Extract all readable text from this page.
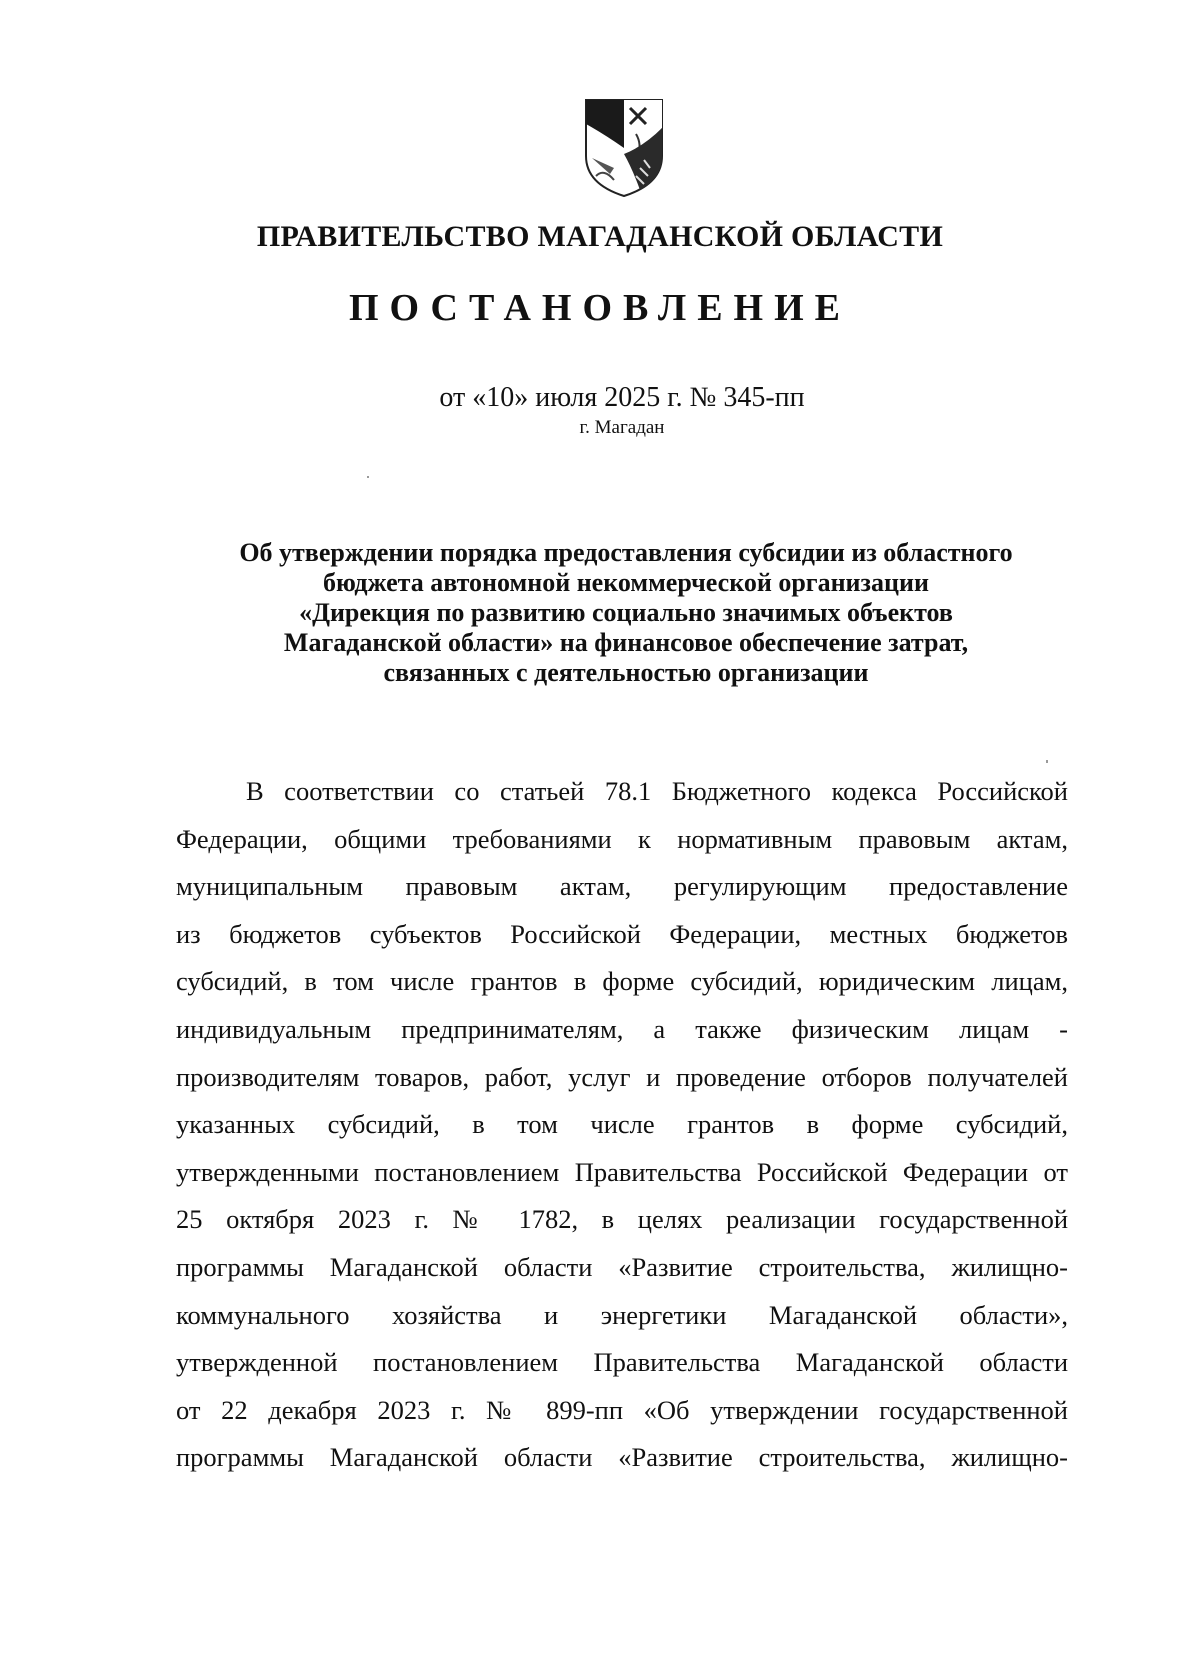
ПРАВИТЕЛЬСТВО МАГАДАНСКОЙ ОБЛАСТИ
ПОСТАНОВЛЕНИЕ
от «10» июля 2025 г. № 345-пп
г. Магадан
Об утверждении порядка предоставления субсидии из областного
бюджета автономной некоммерческой организации
«Дирекция по развитию социально значимых объектов
Магаданской области» на финансовое обеспечение затрат,
связанных с деятельностью организации
В соответствии со статьей 78.1 Бюджетного кодекса Российской
Федерации, общими требованиями к нормативным правовым актам,
муниципальным правовым актам, регулирующим предоставление
из бюджетов субъектов Российской Федерации, местных бюджетов
субсидий, в том числе грантов в форме субсидий, юридическим лицам,
индивидуальным предпринимателям, а также физическим лицам -
производителям товаров, работ, услуг и проведение отборов получателей
указанных субсидий, в том числе грантов в форме субсидий,
утвержденными постановлением Правительства Российской Федерации от
25 октября 2023 г. № 1782, в целях реализации государственной
программы Магаданской области «Развитие строительства, жилищно-
коммунального хозяйства и энергетики Магаданской области»,
утвержденной постановлением Правительства Магаданской области
от 22 декабря 2023 г. № 899-пп «Об утверждении государственной
программы Магаданской области «Развитие строительства, жилищно-
